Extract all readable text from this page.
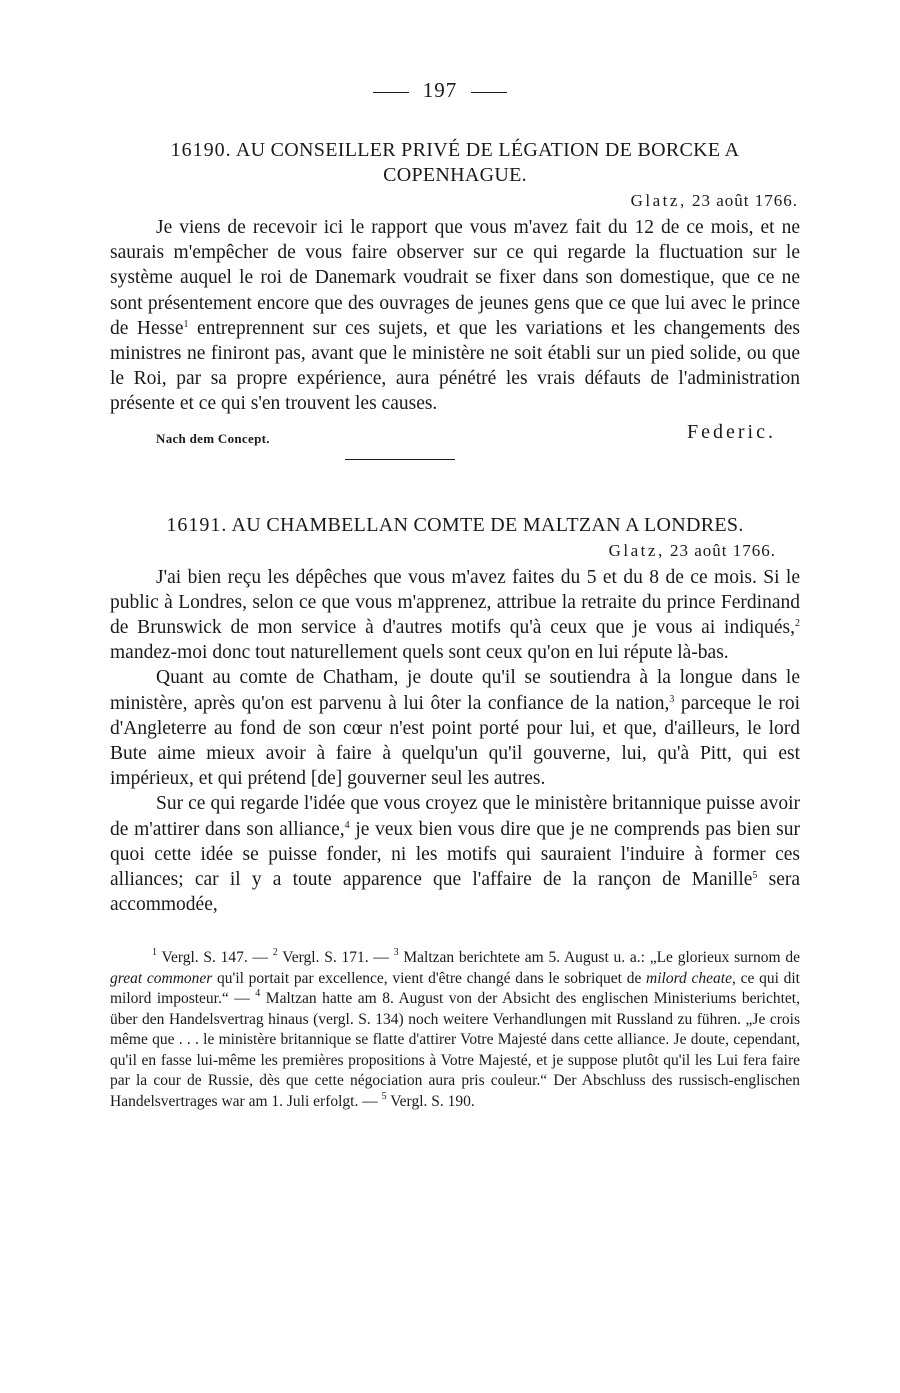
197
16190. AU CONSEILLER PRIVÉ DE LÉGATION DE BORCKE A COPENHAGUE.
Glatz, 23 août 1766.

Je viens de recevoir ici le rapport que vous m'avez fait du 12 de ce mois, et ne saurais m'empêcher de vous faire observer sur ce qui regarde la fluctuation sur le système auquel le roi de Danemark voudrait se fixer dans son domestique, que ce ne sont présentement encore que des ouvrages de jeunes gens que ce que lui avec le prince de Hesse$^1$ entreprennent sur ces sujets, et que les variations et les changements des ministres ne finiront pas, avant que le ministère ne soit établi sur un pied solide, ou que le Roi, par sa propre expérience, aura pénétré les vrais défauts de l'administration présente et ce qui s'en trouvent les causes.

Nach dem Concept.	Federic.
16191. AU CHAMBELLAN COMTE DE MALTZAN A LONDRES.
Glatz, 23 août 1766.

J'ai bien reçu les dépêches que vous m'avez faites du 5 et du 8 de ce mois. Si le public à Londres, selon ce que vous m'apprenez, attribue la retraite du prince Ferdinand de Brunswick de mon service à d'autres motifs qu'à ceux que je vous ai indiqués,$^2$ mandez-moi donc tout naturellement quels sont ceux qu'on en lui répute là-bas.

Quant au comte de Chatham, je doute qu'il se soutiendra à la longue dans le ministère, après qu'on est parvenu à lui ôter la confiance de la nation,$^3$ parceque le roi d'Angleterre au fond de son cœur n'est point porté pour lui, et que, d'ailleurs, le lord Bute aime mieux avoir à faire à quelqu'un qu'il gouverne, lui, qu'à Pitt, qui est impérieux, et qui prétend [de] gouverner seul les autres.

Sur ce qui regarde l'idée que vous croyez que le ministère britannique puisse avoir de m'attirer dans son alliance,$^4$ je veux bien vous dire que je ne comprends pas bien sur quoi cette idée se puisse fonder, ni les motifs qui sauraient l'induire à former ces alliances; car il y a toute apparence que l'affaire de la rançon de Manille$^5$ sera accommodée,

$^1$ Vergl. S. 147. — $^2$ Vergl. S. 171. — $^3$ Maltzan berichtete am 5. August u. a.: „Le glorieux surnom de great commoner qu'il portait par excellence, vient d'être changé dans le sobriquet de milord cheate, ce qui dit milord imposteur.“ — $^4$ Maltzan hatte am 8. August von der Absicht des englischen Ministeriums berichtet, über den Handelsvertrag hinaus (vergl. S. 134) noch weitere Verhandlungen mit Russland zu führen. „Je crois même que . . . le ministère britannique se flatte d'attirer Votre Majesté dans cette alliance. Je doute, cependant, qu'il en fasse lui-même les premières propositions à Votre Majesté, et je suppose plutôt qu'il les Lui fera faire par la cour de Russie, dès que cette négociation aura pris couleur.“ Der Abschluss des russisch-englischen Handelsvertrages war am 1. Juli erfolgt. — $^5$ Vergl. S. 190.
